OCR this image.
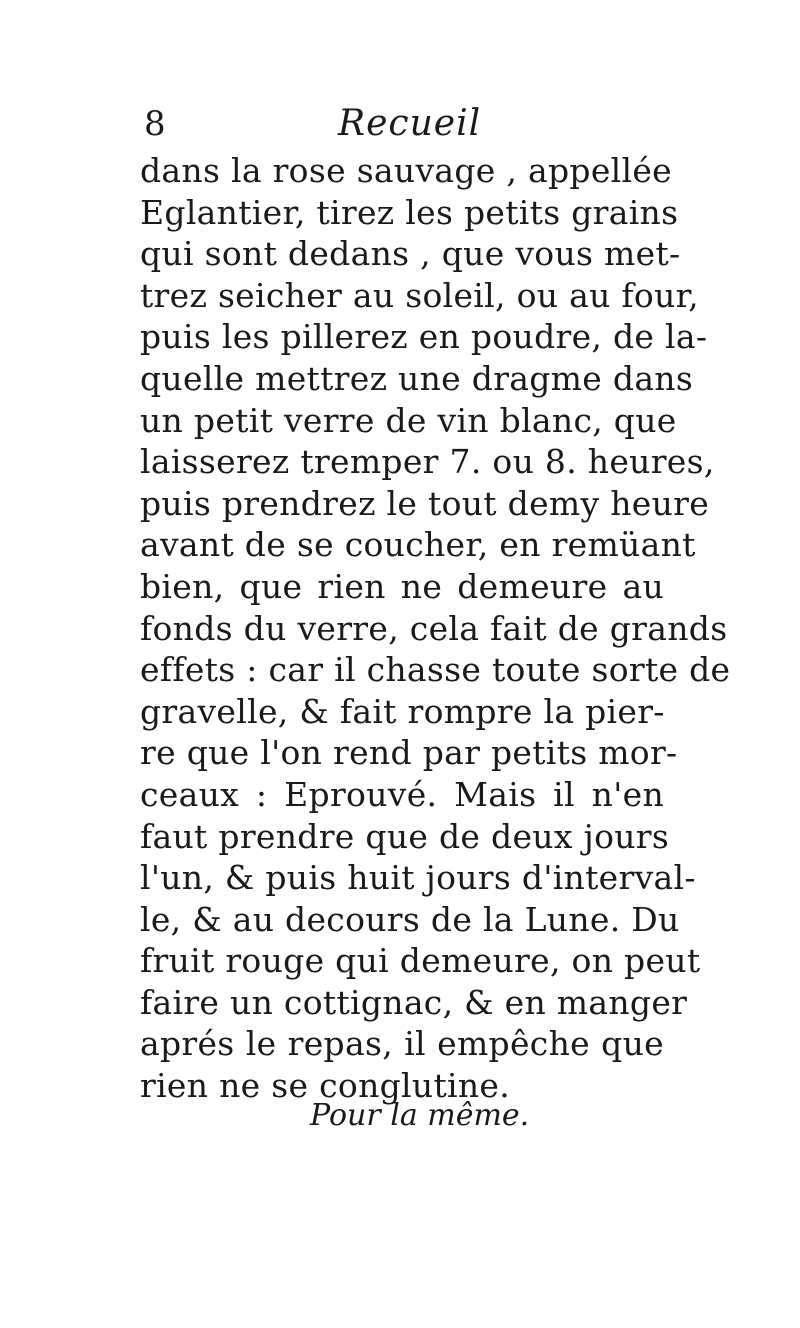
8	Recueil
dans la rose sauvage , appellée
Eglantier, tirez les petits grains
qui sont dedans , que vous met-
trez seicher au soleil, ou au four,
puis les pillerez en poudre, de la-
quelle mettrez une dragme dans
un petit verre de vin blanc, que
laisserez tremper 7. ou 8. heures,
puis prendrez le tout demy heure
avant de se coucher, en remüant
bien, que rien ne demeure au
fonds du verre, cela fait de grands
effets : car il chasse toute sorte de
gravelle, & fait rompre la pier-
re que l'on rend par petits mor-
ceaux : Eprouvé. Mais il n'en
faut prendre que de deux jours
l'un, & puis huit jours d'interval-
le, & au decours de la Lune. Du
fruit rouge qui demeure, on peut
faire un cottignac, & en manger
aprés le repas, il empêche que
rien ne se conglutine.
Pour la même.
